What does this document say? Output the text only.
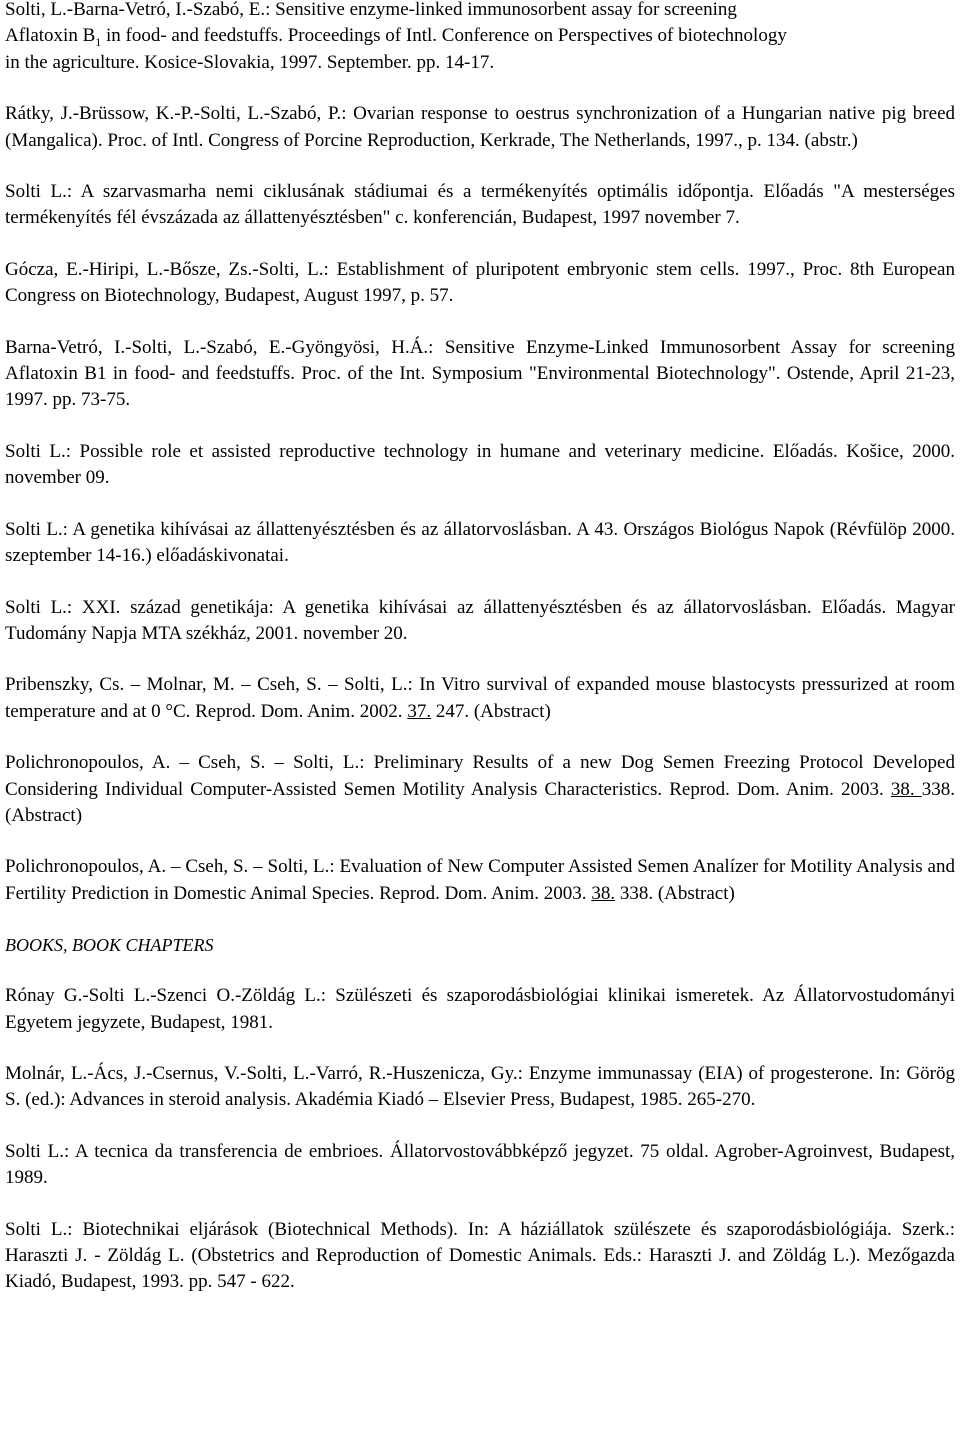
Solti, L.-Barna-Vetró, I.-Szabó, E.: Sensitive enzyme-linked immunosorbent assay for screening
Aflatoxin $B_1$ in food- and feedstuffs. Proceedings of Intl. Conference on Perspectives of biotechnology
in the agriculture. Kosice-Slovakia, 1997. September. pp. 14-17.

Rátky, J.-Brüssow, K.-P.-Solti, L.-Szabó, P.: Ovarian response to oestrus synchronization of a Hungarian native pig breed (Mangalica). Proc. of Intl. Congress of Porcine Reproduction, Kerkrade, The Netherlands, 1997., p. 134. (abstr.)

Solti L.: A szarvasmarha nemi ciklusának stádiumai és a termékenyítés optimális időpontja. Előadás "A mesterséges termékenyítés fél évszázada az állattenyésztésben" c. konferencián, Budapest, 1997 november 7.

Gócza, E.-Hiripi, L.-Bősze, Zs.-Solti, L.: Establishment of pluripotent embryonic stem cells. 1997., Proc. 8th European Congress on Biotechnology, Budapest, August 1997, p. 57.

Barna-Vetró, I.-Solti, L.-Szabó, E.-Gyöngyösi, H.Á.: Sensitive Enzyme-Linked Immunosorbent Assay for screening Aflatoxin B1 in food- and feedstuffs. Proc. of the Int. Symposium "Environmental Biotechnology". Ostende, April 21-23, 1997. pp. 73-75.

Solti L.: Possible role et assisted reproductive technology in humane and veterinary medicine. Előadás. Košice, 2000. november 09.

Solti L.: A genetika kihívásai az állattenyésztésben és az állatorvoslásban. A 43. Országos Biológus Napok (Révfülöp 2000. szeptember 14-16.) előadáskivonatai.

Solti L.: XXI. század genetikája: A genetika kihívásai az állattenyésztésben és az állatorvoslásban. Előadás. Magyar Tudomány Napja MTA székház, 2001. november 20.

Pribenszky, Cs. – Molnar, M. – Cseh, S. – Solti, L.: In Vitro survival of expanded mouse blastocysts pressurized at room temperature and at 0 °C. Reprod. Dom. Anim. 2002. 37. 247. (Abstract)

Polichronopoulos, A. – Cseh, S. – Solti, L.: Preliminary Results of a new Dog Semen Freezing Protocol Developed Considering Individual Computer-Assisted Semen Motility Analysis Characteristics. Reprod. Dom. Anim. 2003. 38. 338. (Abstract)

Polichronopoulos, A. – Cseh, S. – Solti, L.: Evaluation of New Computer Assisted Semen Analízer for Motility Analysis and Fertility Prediction in Domestic Animal Species. Reprod. Dom. Anim. 2003. 38. 338. (Abstract)

BOOKS, BOOK CHAPTERS

Rónay G.-Solti L.-Szenci O.-Zöldág L.: Szülészeti és szaporodásbiológiai klinikai ismeretek. Az Állatorvostudományi Egyetem jegyzete, Budapest, 1981.

Molnár, L.-Ács, J.-Csernus, V.-Solti, L.-Varró, R.-Huszenicza, Gy.: Enzyme immunassay (EIA) of progesterone. In: Görög S. (ed.): Advances in steroid analysis. Akadémia Kiadó – Elsevier Press, Budapest, 1985. 265-270.

Solti L.: A tecnica da transferencia de embrioes. Állatorvostovábbképző jegyzet. 75 oldal. Agrober-Agroinvest, Budapest, 1989.

Solti L.: Biotechnikai eljárások (Biotechnical Methods). In: A háziállatok szülészete és szaporodásbiológiája. Szerk.: Haraszti J. - Zöldág L. (Obstetrics and Reproduction of Domestic Animals. Eds.: Haraszti J. and Zöldág L.). Mezőgazda Kiadó, Budapest, 1993. pp. 547 - 622.
